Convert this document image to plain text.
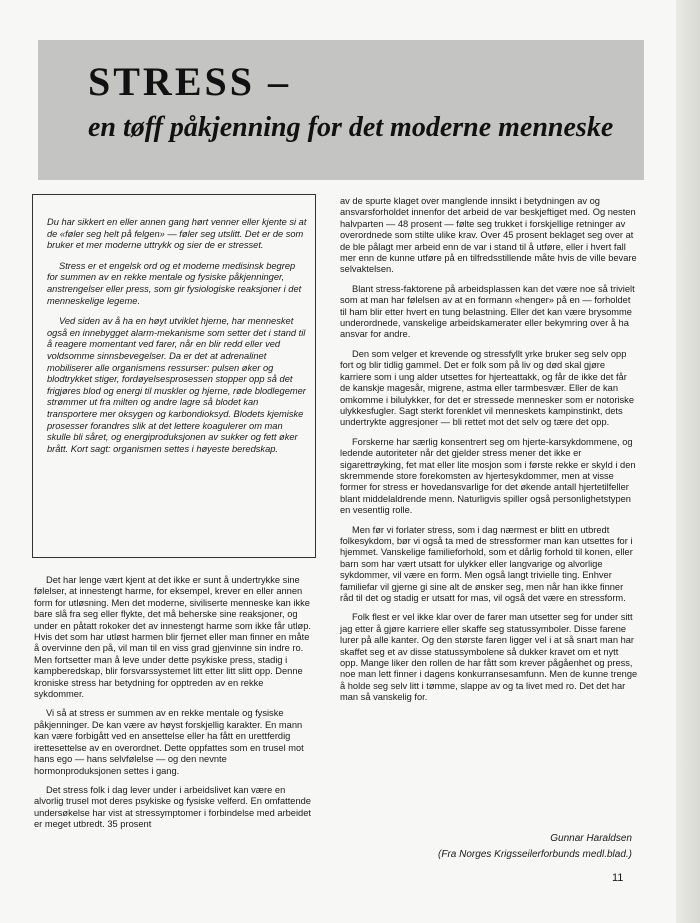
STRESS –
en tøff påkjenning for det moderne menneske

Du har sikkert en eller annen gang hørt venner eller kjente si at de «føler seg helt på felgen» — føler seg utslitt. Det er de som bruker et mer moderne uttrykk og sier de er stresset.

Stress er et engelsk ord og et moderne medisinsk begrep for summen av en rekke mentale og fysiske påkjenninger, anstrengelser eller press, som gir fysiologiske reaksjoner i det menneskelige legeme.

Ved siden av å ha en høyt utviklet hjerne, har mennesket også en innebygget alarm-mekanisme som setter det i stand til å reagere momentant ved farer, når en blir redd eller ved voldsomme sinnsbevegelser. Da er det at adrenalinet mobiliserer alle organismens ressurser: pulsen øker og blodtrykket stiger, fordøyelsesprosessen stopper opp så det frigjøres blod og energi til muskler og hjerne, røde blodlegemer strømmer ut fra milten og andre lagre så blodet kan transportere mer oksygen og karbondioksyd. Blodets kjemiske prosesser forandres slik at det lettere koagulerer om man skulle bli såret, og energiproduksjonen av sukker og fett øker brått. Kort sagt: organismen settes i høyeste beredskap.

Det har lenge vært kjent at det ikke er sunt å undertrykke sine følelser, at innestengt harme, for eksempel, krever en eller annen form for utløsning. Men det moderne, siviliserte menneske kan ikke bare slå fra seg eller flykte, det må beherske sine reaksjoner, og under en påtatt rokoker det av innestengt harme som ikke får utløp. Hvis det som har utløst harmen blir fjernet eller man finner en måte å overvinne den på, vil man til en viss grad gjenvinne sin indre ro. Men fortsetter man å leve under dette psykiske press, stadig i kampberedskap, blir forsvarssystemet litt etter litt slitt opp. Denne kroniske stress har betydning for opptreden av en rekke sykdommer.

Vi så at stress er summen av en rekke mentale og fysiske påkjenninger. De kan være av høyst forskjellig karakter. En mann kan være forbigått ved en ansettelse eller ha fått en urettferdig irettesettelse av en overordnet. Dette oppfattes som en trusel mot hans ego — hans selvfølelse — og den nevnte hormonproduksjonen settes i gang.

Det stress folk i dag lever under i arbeidslivet kan være en alvorlig trusel mot deres psykiske og fysiske velferd. En omfattende undersøkelse har vist at stressymptomer i forbindelse med arbeidet er meget utbredt. 35 prosent

av de spurte klaget over manglende innsikt i betydningen av og ansvarsforholdet innenfor det arbeid de var beskjeftiget med. Og nesten halvparten — 48 prosent — følte seg trukket i forskjellige retninger av overordnede som stilte ulike krav. Over 45 prosent beklaget seg over at de ble pålagt mer arbeid enn de var i stand til å utføre, eller i hvert fall mer enn de kunne utføre på en tilfredsstillende måte hvis de ville bevare selvaktelsen.

Blant stress-faktorene på arbeidsplassen kan det være noe så trivielt som at man har følelsen av at en formann «henger» på en — forholdet til ham blir etter hvert en tung belastning. Eller det kan være brysomme underordnede, vanskelige arbeidskamerater eller bekymring over å ha ansvar for andre.

Den som velger et krevende og stressfyllt yrke bruker seg selv opp fort og blir tidlig gammel. Det er folk som på liv og død skal gjøre karriere som i ung alder utsettes for hjerteattakk, og får de ikke det får de kanskje magesår, migrene, astma eller tarmbesvær. Eller de kan omkomme i bilulykker, for det er stressede mennesker som er notoriske ulykkesfugler. Sagt sterkt forenklet vil menneskets kampinstinkt, dets undertrykte aggresjoner — bli rettet mot det selv og tære det opp.

Forskerne har særlig konsentrert seg om hjerte-karsykdommene, og ledende autoriteter når det gjelder stress mener det ikke er sigarettrøyking, fet mat eller lite mosjon som i første rekke er skyld i den skremmende store forekomsten av hjertesykdommer, men at visse former for stress er hovedansvarlige for det økende antall hjertetilfeller blant middelaldrende menn. Naturligvis spiller også personlighetstypen en vesentlig rolle.

Men før vi forlater stress, som i dag nærmest er blitt en utbredt folkesykdom, bør vi også ta med de stressformer man kan utsettes for i hjemmet. Vanskelige familieforhold, som et dårlig forhold til konen, eller barn som har vært utsatt for ulykker eller langvarige og alvorlige sykdommer, vil være en form. Men også langt trivielle ting. Enhver familiefar vil gjerne gi sine alt de ønsker seg, men når han ikke finner råd til det og stadig er utsatt for mas, vil også det være en stressform.

Folk flest er vel ikke klar over de farer man utsetter seg for under sitt jag etter å gjøre karriere eller skaffe seg statussymboler. Disse farene lurer på alle kanter. Og den største faren ligger vel i at så snart man har skaffet seg et av disse statussymbolene så dukker kravet om et nytt opp. Mange liker den rollen de har fått som krever pågåenhet og press, noe man lett finner i dagens konkurransesamfunn. Men de kunne trenge å holde seg selv litt i tømme, slappe av og ta livet med ro. Det det har man så vanskelig for.

Gunnar Haraldsen
(Fra Norges Krigsseilerforbunds medl.blad.)
11
